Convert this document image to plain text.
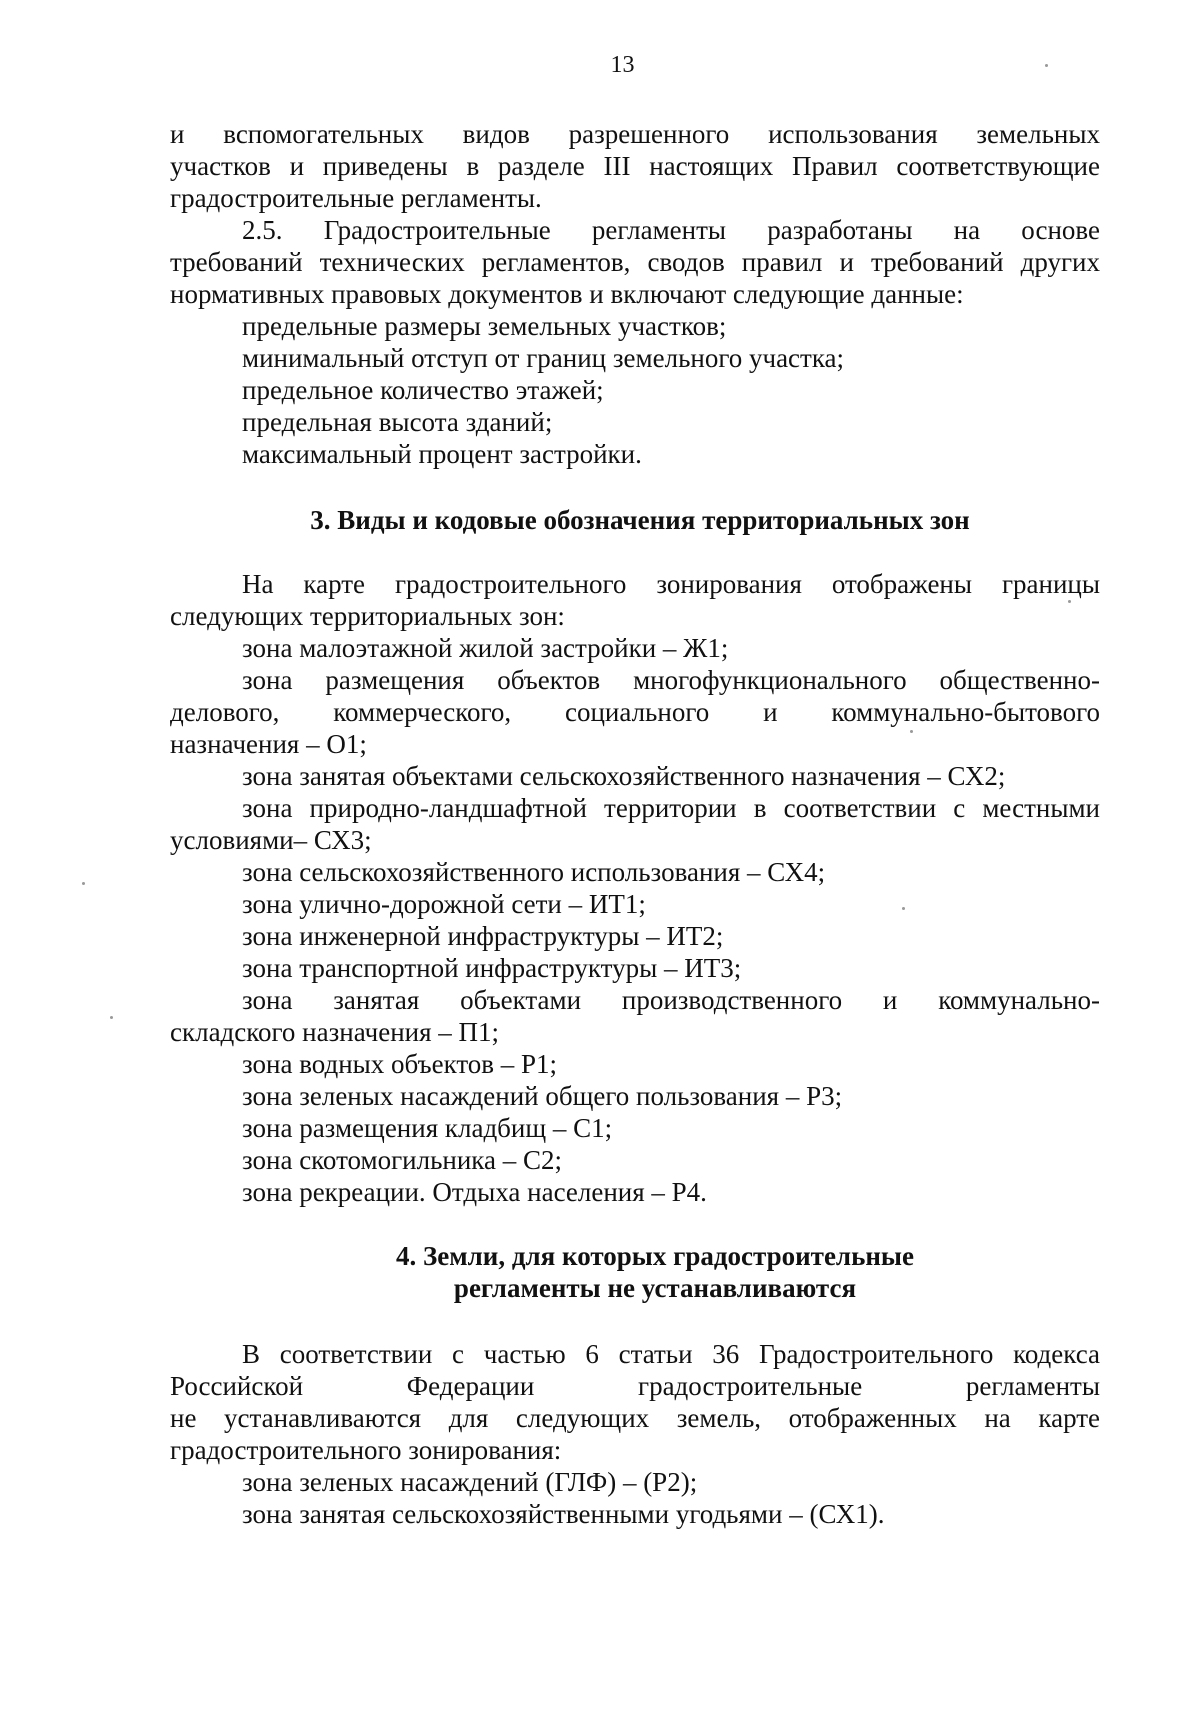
13

и вспомогательных видов разрешенного использования земельных

участков и приведены в разделе III настоящих Правил соответствующие

градостроительные регламенты.

2.5. Градостроительные регламенты разработаны на основе

требований технических регламентов, сводов правил и требований других

нормативных правовых документов и включают следующие данные:

предельные размеры земельных участков;

минимальный отступ от границ земельного участка;

предельное количество этажей;

предельная высота зданий;

максимальный процент застройки.

3. Виды и кодовые обозначения территориальных зон

На карте градостроительного зонирования отображены границы

следующих территориальных зон:

зона малоэтажной жилой застройки – Ж1;

зона размещения объектов многофункционального общественно-

делового, коммерческого, социального и коммунально-бытового

назначения – О1;

зона занятая объектами сельскохозяйственного назначения – СХ2;

зона природно-ландшафтной территории в соответствии с местными

условиями– СХ3;

зона сельскохозяйственного использования – СХ4;

зона улично-дорожной сети – ИТ1;

зона инженерной инфраструктуры – ИТ2;

зона транспортной инфраструктуры – ИТ3;

зона занятая объектами производственного и коммунально-

складского назначения – П1;

зона водных объектов – Р1;

зона зеленых насаждений общего пользования – Р3;

зона размещения кладбищ – С1;

зона скотомогильника – С2;

зона рекреации. Отдыха населения – Р4.

4. Земли, для которых градостроительные
регламенты не устанавливаются

В соответствии с частью 6 статьи 36 Градостроительного кодекса

Российской Федерации градостроительные регламенты

не устанавливаются для следующих земель, отображенных на карте

градостроительного зонирования:

зона зеленых насаждений (ГЛФ) – (Р2);

зона занятая сельскохозяйственными угодьями – (СХ1).
